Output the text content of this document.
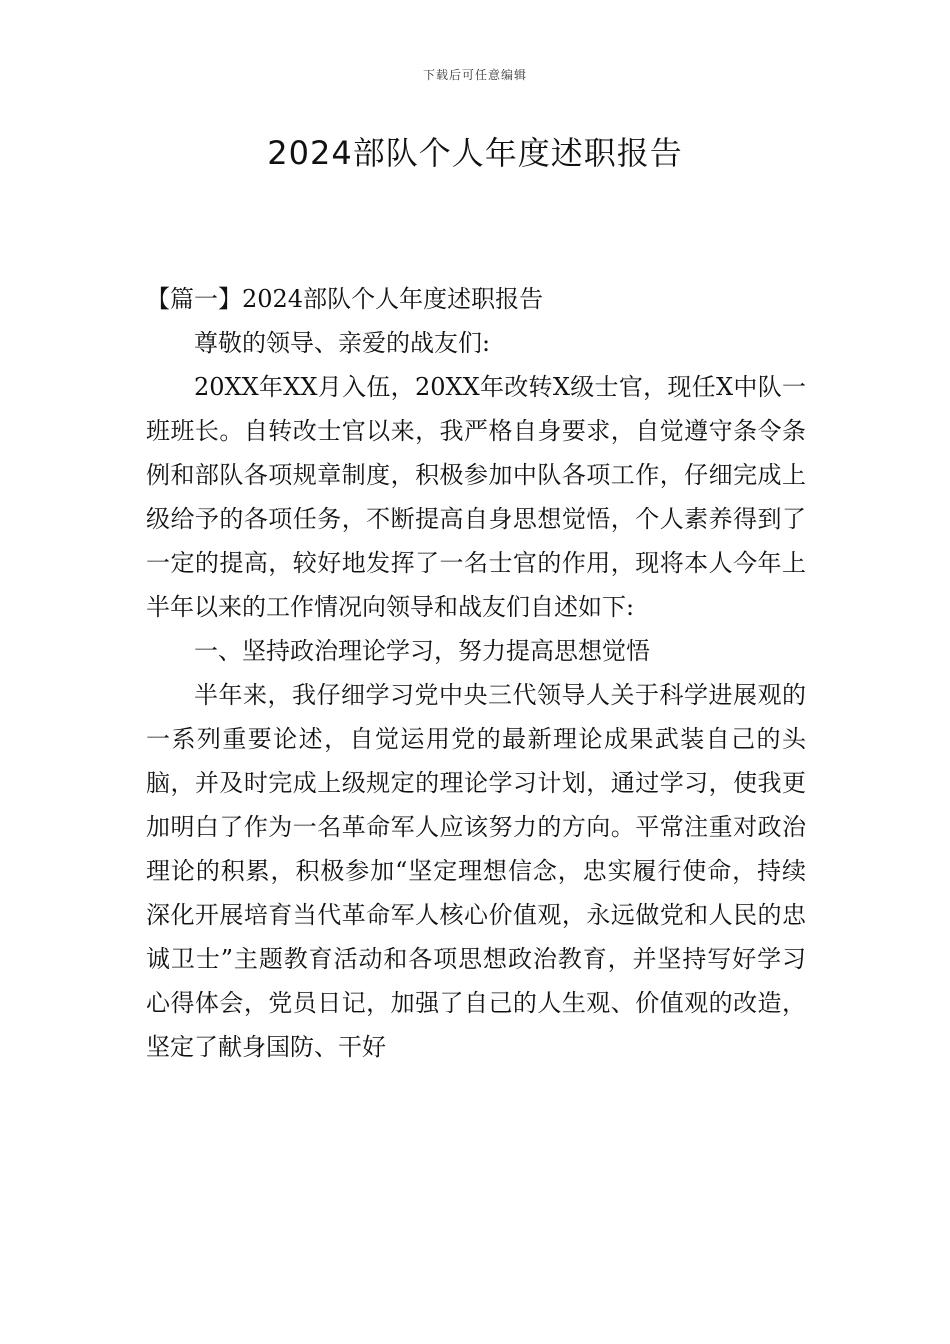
下载后可任意编辑
2024部队个人年度述职报告

【篇一】2024部队个人年度述职报告

尊敬的领导、亲爱的战友们:

20XX年XX月入伍，20XX年改转X级士官，现任X中队一班班长。自转改士官以来，我严格自身要求，自觉遵守条令条例和部队各项规章制度，积极参加中队各项工作，仔细完成上级给予的各项任务，不断提高自身思想觉悟，个人素养得到了一定的提高，较好地发挥了一名士官的作用，现将本人今年上半年以来的工作情况向领导和战友们自述如下:

一、坚持政治理论学习，努力提高思想觉悟

半年来，我仔细学习党中央三代领导人关于科学进展观的一系列重要论述，自觉运用党的最新理论成果武装自己的头脑，并及时完成上级规定的理论学习计划，通过学习，使我更加明白了作为一名革命军人应该努力的方向。平常注重对政治理论的积累，积极参加“坚定理想信念，忠实履行使命，持续深化开展培育当代革命军人核心价值观，永远做党和人民的忠诚卫士”主题教育活动和各项思想政治教育，并坚持写好学习心得体会，党员日记，加强了自己的人生观、价值观的改造，坚定了献身国防、干好
